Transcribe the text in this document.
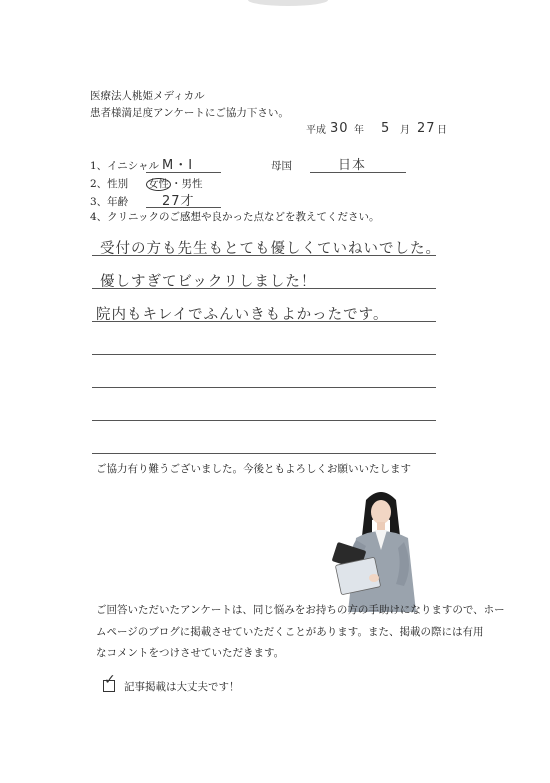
医療法人桃姫メディカル
患者様満足度アンケートにご協力下さい。
平成 30 年 5 月 27 日
1、イニシャル M・I	母国	日本
2、性別 女性 ・男性
3、年齢	27才
4、クリニックのご感想や良かった点などを教えてください。
受付の方も先生もとても優しくていねいでした。
優しすぎてビックリしました！
院内もキレイでふんいきもよかったです。
ご協力有り難うございました。今後ともよろしくお願いいたします
ご回答いただいたアンケートは、同じ悩みをお持ちの方の手助けになりますので、ホー
ムページのブログに掲載させていただくことがあります。また、掲載の際には有用
なコメントをつけさせていただきます。
✓ 記事掲載は大丈夫です！
